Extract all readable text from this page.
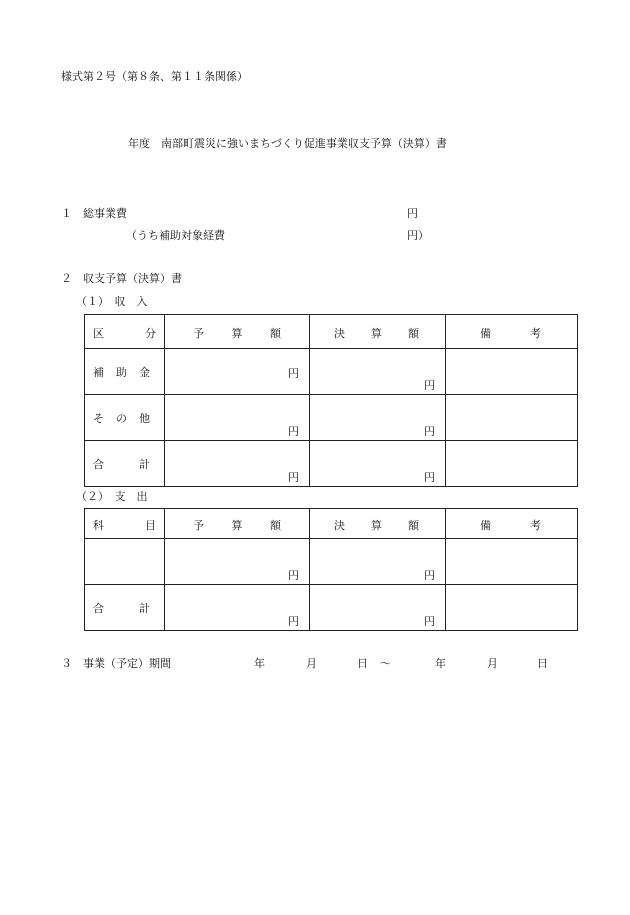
様式第２号（第８条、第１１条関係）
年度　南部町震災に強いまちづくり促進事業収支予算（決算）書
１　総事業費	円
（うち補助対象経費	円）
２　収支予算（決算）書
（１）　収　入
区 分	予 算 額	決 算 額	備 考

補 助 金	円	円	

そ の 他	円	円	

合 計	円	円	

（２）　支　出
科 目	予 算 額	決 算 額	備 考

	円	円	

合 計	円	円	

３　事業（予定）期間	年	月	日 ～	年	月	日
